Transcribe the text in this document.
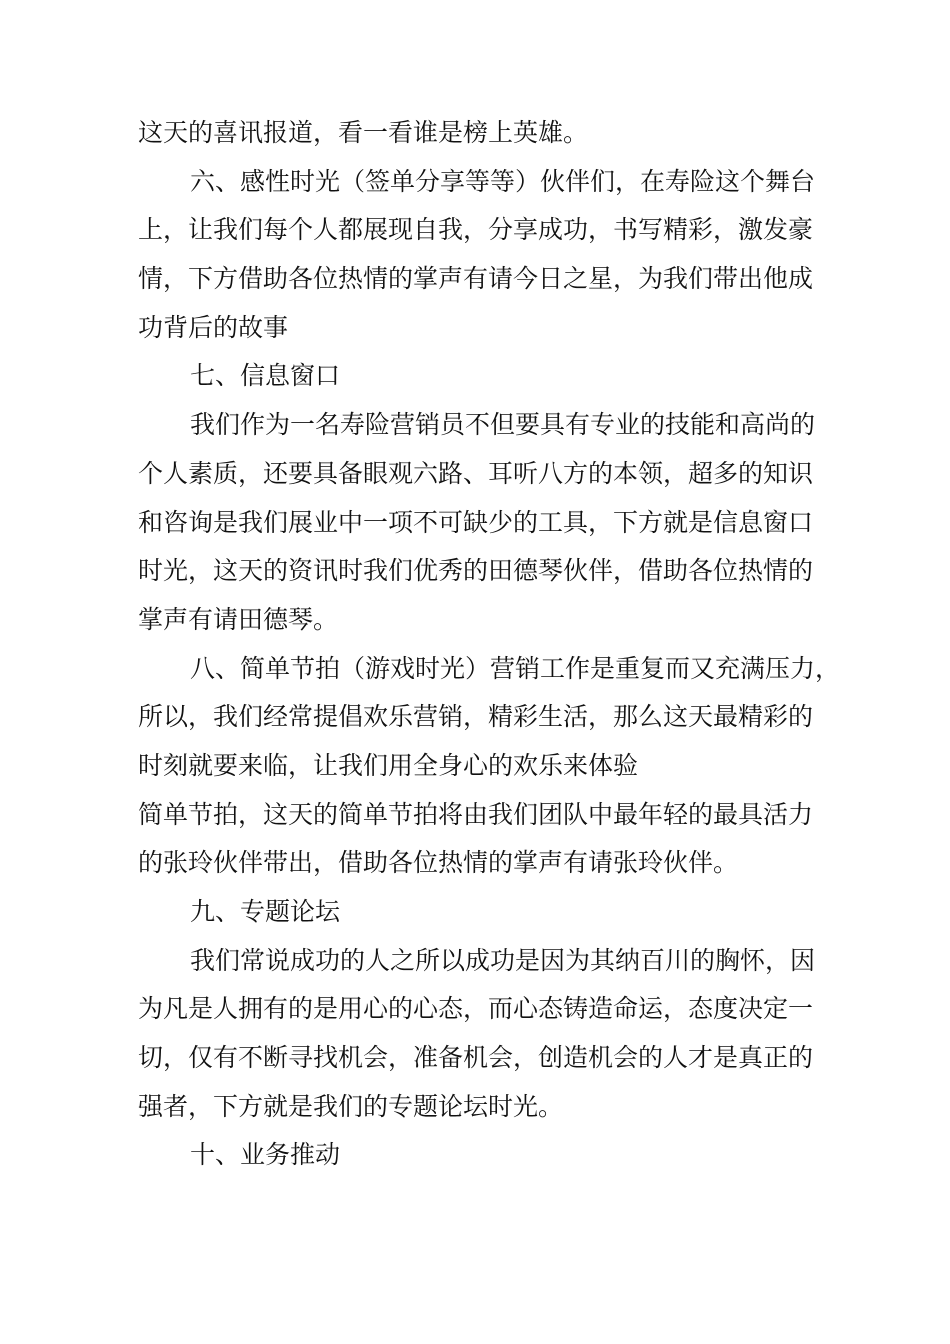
这天的喜讯报道，看一看谁是榜上英雄。
六、感性时光（签单分享等等）伙伴们，在寿险这个舞台
上，让我们每个人都展现自我，分享成功，书写精彩，激发豪
情，下方借助各位热情的掌声有请今日之星，为我们带出他成
功背后的故事
七、信息窗口
我们作为一名寿险营销员不但要具有专业的技能和高尚的
个人素质，还要具备眼观六路、耳听八方的本领，超多的知识
和咨询是我们展业中一项不可缺少的工具，下方就是信息窗口
时光，这天的资讯时我们优秀的田德琴伙伴，借助各位热情的
掌声有请田德琴。
八、简单节拍（游戏时光）营销工作是重复而又充满压力，
所以，我们经常提倡欢乐营销，精彩生活，那么这天最精彩的
时刻就要来临，让我们用全身心的欢乐来体验
简单节拍，这天的简单节拍将由我们团队中最年轻的最具活力
的张玲伙伴带出，借助各位热情的掌声有请张玲伙伴。
九、专题论坛
我们常说成功的人之所以成功是因为其纳百川的胸怀，因
为凡是人拥有的是用心的心态，而心态铸造命运，态度决定一
切，仅有不断寻找机会，准备机会，创造机会的人才是真正的
强者，下方就是我们的专题论坛时光。
十、业务推动
